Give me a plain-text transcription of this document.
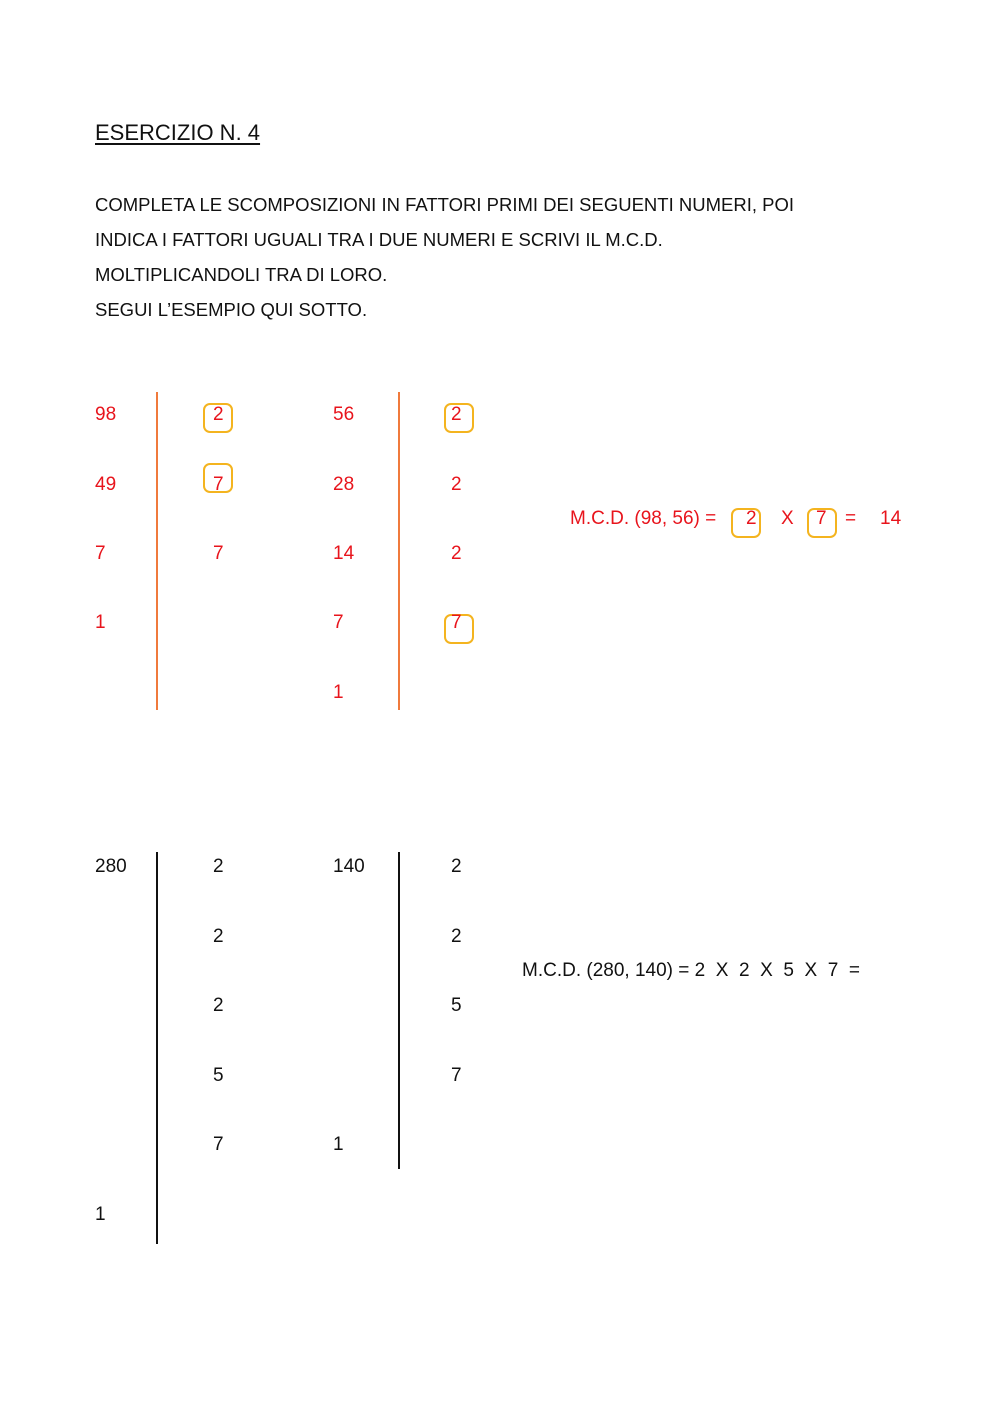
ESERCIZIO N. 4
COMPLETA LE SCOMPOSIZIONI IN FATTORI PRIMI DEI SEGUENTI NUMERI, POI
INDICA I FATTORI UGUALI TRA I DUE NUMERI E SCRIVI IL M.C.D.
MOLTIPLICANDOLI TRA DI LORO.
SEGUI L’ESEMPIO QUI SOTTO.
98
49
7
1
2
7
7
56
28
14
7
1
2
2
2
7
M.C.D. (98, 56) = 2 X 7 = 14
280
1
2
2
2
5
7
140
1
2
2
5
7
M.C.D. (280, 140) = 2  X  2  X  5  X  7  =
